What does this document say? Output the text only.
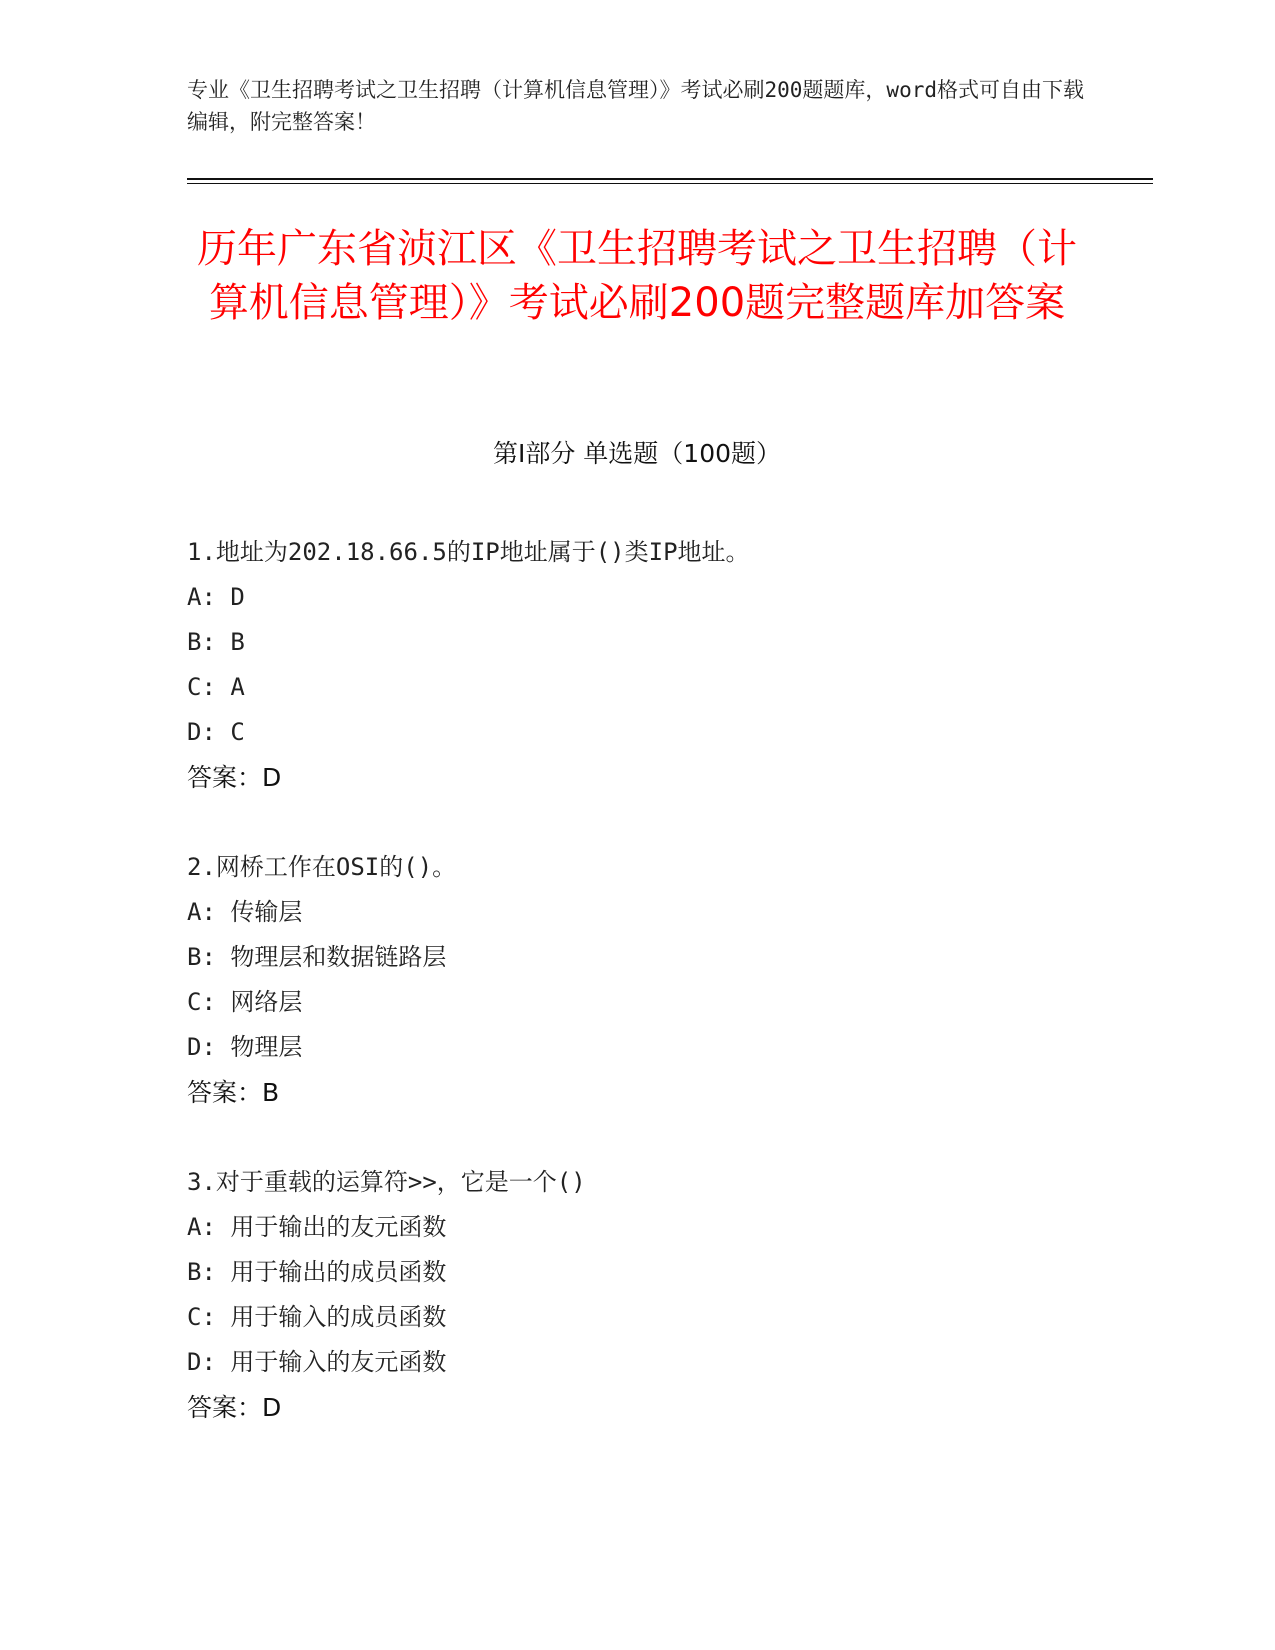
专业《卫生招聘考试之卫生招聘（计算机信息管理）》考试必刷200题题库，word格式可自由下载编辑，附完整答案！
历年广东省浈江区《卫生招聘考试之卫生招聘（计算机信息管理）》考试必刷200题完整题库加答案
第Ⅰ部分 单选题（100题）
1.地址为202.18.66.5的IP地址属于()类IP地址。
A: D
B: B
C: A
D: C
答案：D
2.网桥工作在OSI的()。
A: 传输层
B: 物理层和数据链路层
C: 网络层
D: 物理层
答案：B
3.对于重载的运算符>>，它是一个()
A: 用于输出的友元函数
B: 用于输出的成员函数
C: 用于输入的成员函数
D: 用于输入的友元函数
答案：D
